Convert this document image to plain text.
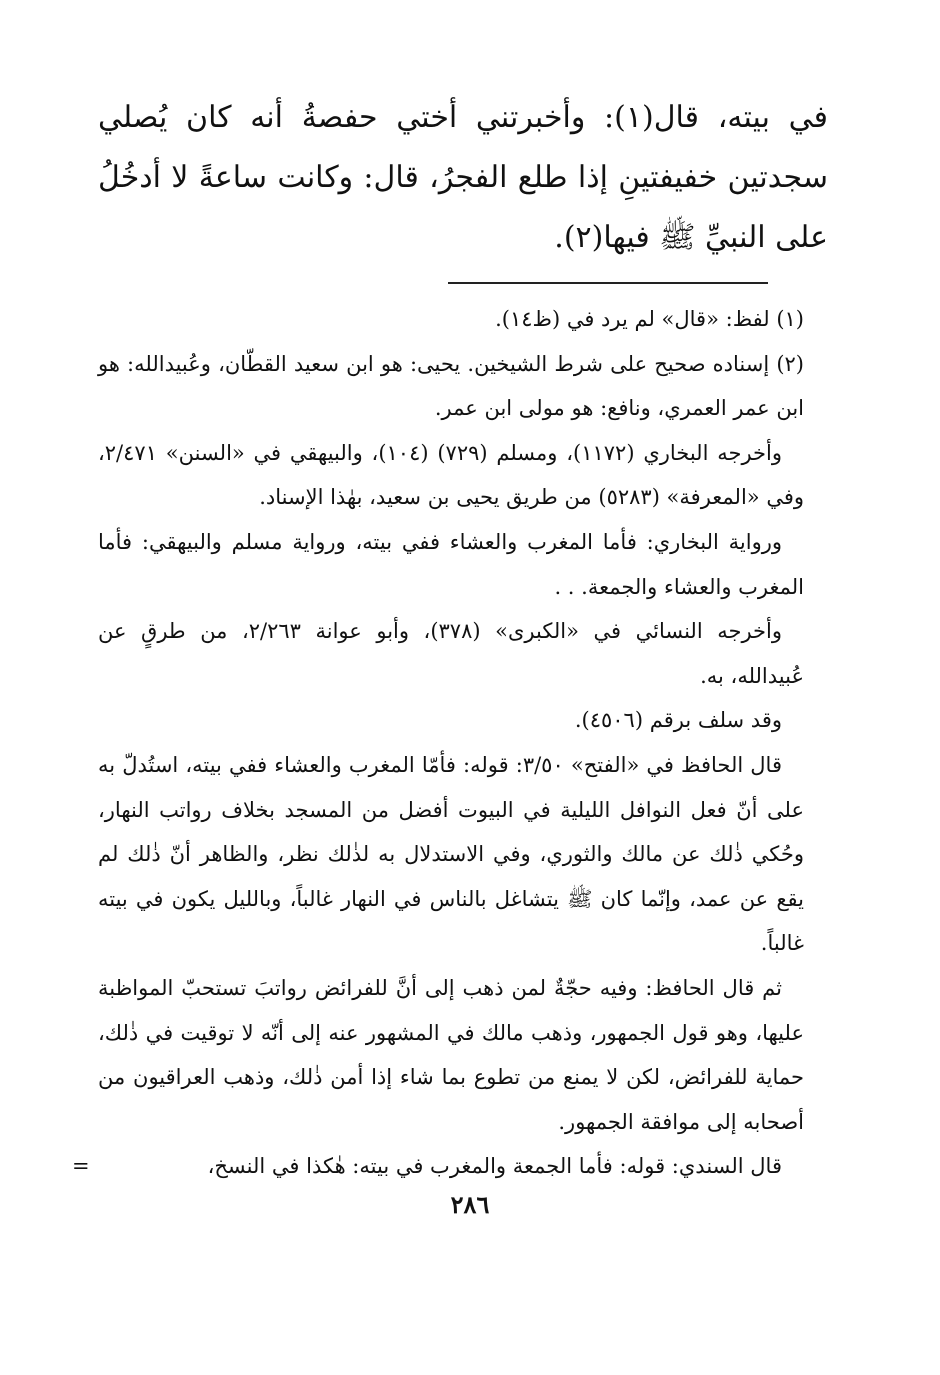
في بيته، قال(١): وأخبرتني أختي حفصةُ أنه كان يُصلي سجدتين خفيفتينِ إذا طلع الفجرُ، قال: وكانت ساعةً لا أدخُلُ على النبيِّ ﷺ فيها(٢).

(١) لفظ: «قال» لم يرد في (ظ١٤).

(٢) إسناده صحيح على شرط الشيخين. يحيى: هو ابن سعيد القطّان، وعُبيدالله: هو ابن عمر العمري، ونافع: هو مولى ابن عمر.

وأخرجه البخاري (١١٧٢)، ومسلم (٧٢٩) (١٠٤)، والبيهقي في «السنن» ٢/٤٧١، وفي «المعرفة» (٥٢٨٣) من طريق يحيى بن سعيد، بهٰذا الإسناد.

ورواية البخاري: فأما المغرب والعشاء ففي بيته، ورواية مسلم والبيهقي: فأما المغرب والعشاء والجمعة. . .

وأخرجه النسائي في «الكبرى» (٣٧٨)، وأبو عوانة ٢/٢٦٣، من طرقٍ عن عُبيدالله، به.

وقد سلف برقم (٤٥٠٦).

قال الحافظ في «الفتح» ٣/٥٠: قوله: فأمّا المغرب والعشاء ففي بيته، استُدلّ به على أنّ فعل النوافل الليلية في البيوت أفضل من المسجد بخلاف رواتب النهار، وحُكي ذٰلك عن مالك والثوري، وفي الاستدلال به لذٰلك نظر، والظاهر أنّ ذٰلك لم يقع عن عمد، وإنّما كان ﷺ يتشاغل بالناس في النهار غالباً، وبالليل يكون في بيته غالباً.

ثم قال الحافظ: وفيه حجّةٌ لمن ذهب إلى أنَّ للفرائض رواتبَ تستحبّ المواظبة عليها، وهو قول الجمهور، وذهب مالك في المشهور عنه إلى أنّه لا توقيت في ذٰلك، حماية للفرائض، لكن لا يمنع من تطوع بما شاء إذا أمن ذٰلك، وذهب العراقيون من أصحابه إلى موافقة الجمهور.

قال السندي: قوله: فأما الجمعة والمغرب في بيته: هٰكذا في النسخ،

=
٢٨٦
